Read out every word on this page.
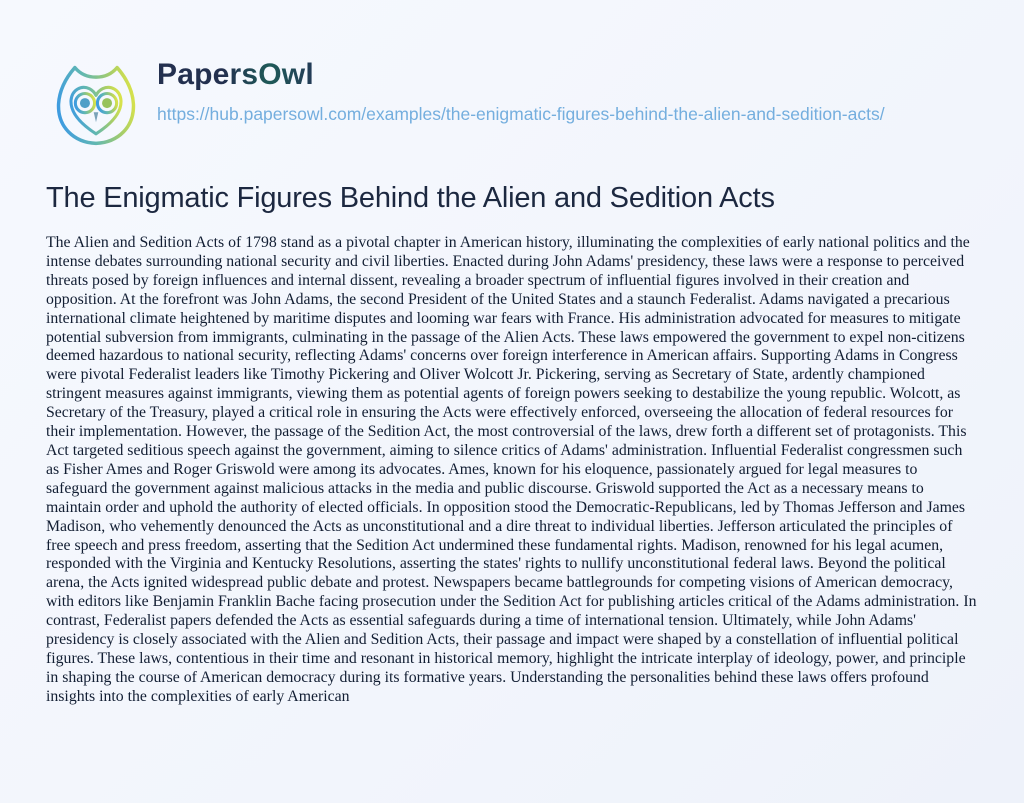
PapersOwl
https://hub.papersowl.com/examples/the-enigmatic-figures-behind-the-alien-and-sedition-acts/
The Enigmatic Figures Behind the Alien and Sedition Acts

The Alien and Sedition Acts of 1798 stand as a pivotal chapter in American history, illuminating the complexities of early national politics and the intense debates surrounding national security and civil liberties. Enacted during John Adams' presidency, these laws were a response to perceived threats posed by foreign influences and internal dissent, revealing a broader spectrum of influential figures involved in their creation and opposition. At the forefront was John Adams, the second President of the United States and a staunch Federalist. Adams navigated a precarious international climate heightened by maritime disputes and looming war fears with France. His administration advocated for measures to mitigate potential subversion from immigrants, culminating in the passage of the Alien Acts. These laws empowered the government to expel non-citizens deemed hazardous to national security, reflecting Adams' concerns over foreign interference in American affairs. Supporting Adams in Congress were pivotal Federalist leaders like Timothy Pickering and Oliver Wolcott Jr. Pickering, serving as Secretary of State, ardently championed stringent measures against immigrants, viewing them as potential agents of foreign powers seeking to destabilize the young republic. Wolcott, as Secretary of the Treasury, played a critical role in ensuring the Acts were effectively enforced, overseeing the allocation of federal resources for their implementation. However, the passage of the Sedition Act, the most controversial of the laws, drew forth a different set of protagonists. This Act targeted seditious speech against the government, aiming to silence critics of Adams' administration. Influential Federalist congressmen such as Fisher Ames and Roger Griswold were among its advocates. Ames, known for his eloquence, passionately argued for legal measures to safeguard the government against malicious attacks in the media and public discourse. Griswold supported the Act as a necessary means to maintain order and uphold the authority of elected officials. In opposition stood the Democratic-Republicans, led by Thomas Jefferson and James Madison, who vehemently denounced the Acts as unconstitutional and a dire threat to individual liberties. Jefferson articulated the principles of free speech and press freedom, asserting that the Sedition Act undermined these fundamental rights. Madison, renowned for his legal acumen, responded with the Virginia and Kentucky Resolutions, asserting the states' rights to nullify unconstitutional federal laws. Beyond the political arena, the Acts ignited widespread public debate and protest. Newspapers became battlegrounds for competing visions of American democracy, with editors like Benjamin Franklin Bache facing prosecution under the Sedition Act for publishing articles critical of the Adams administration. In contrast, Federalist papers defended the Acts as essential safeguards during a time of international tension. Ultimately, while John Adams' presidency is closely associated with the Alien and Sedition Acts, their passage and impact were shaped by a constellation of influential political figures. These laws, contentious in their time and resonant in historical memory, highlight the intricate interplay of ideology, power, and principle in shaping the course of American democracy during its formative years. Understanding the personalities behind these laws offers profound insights into the complexities of early American
